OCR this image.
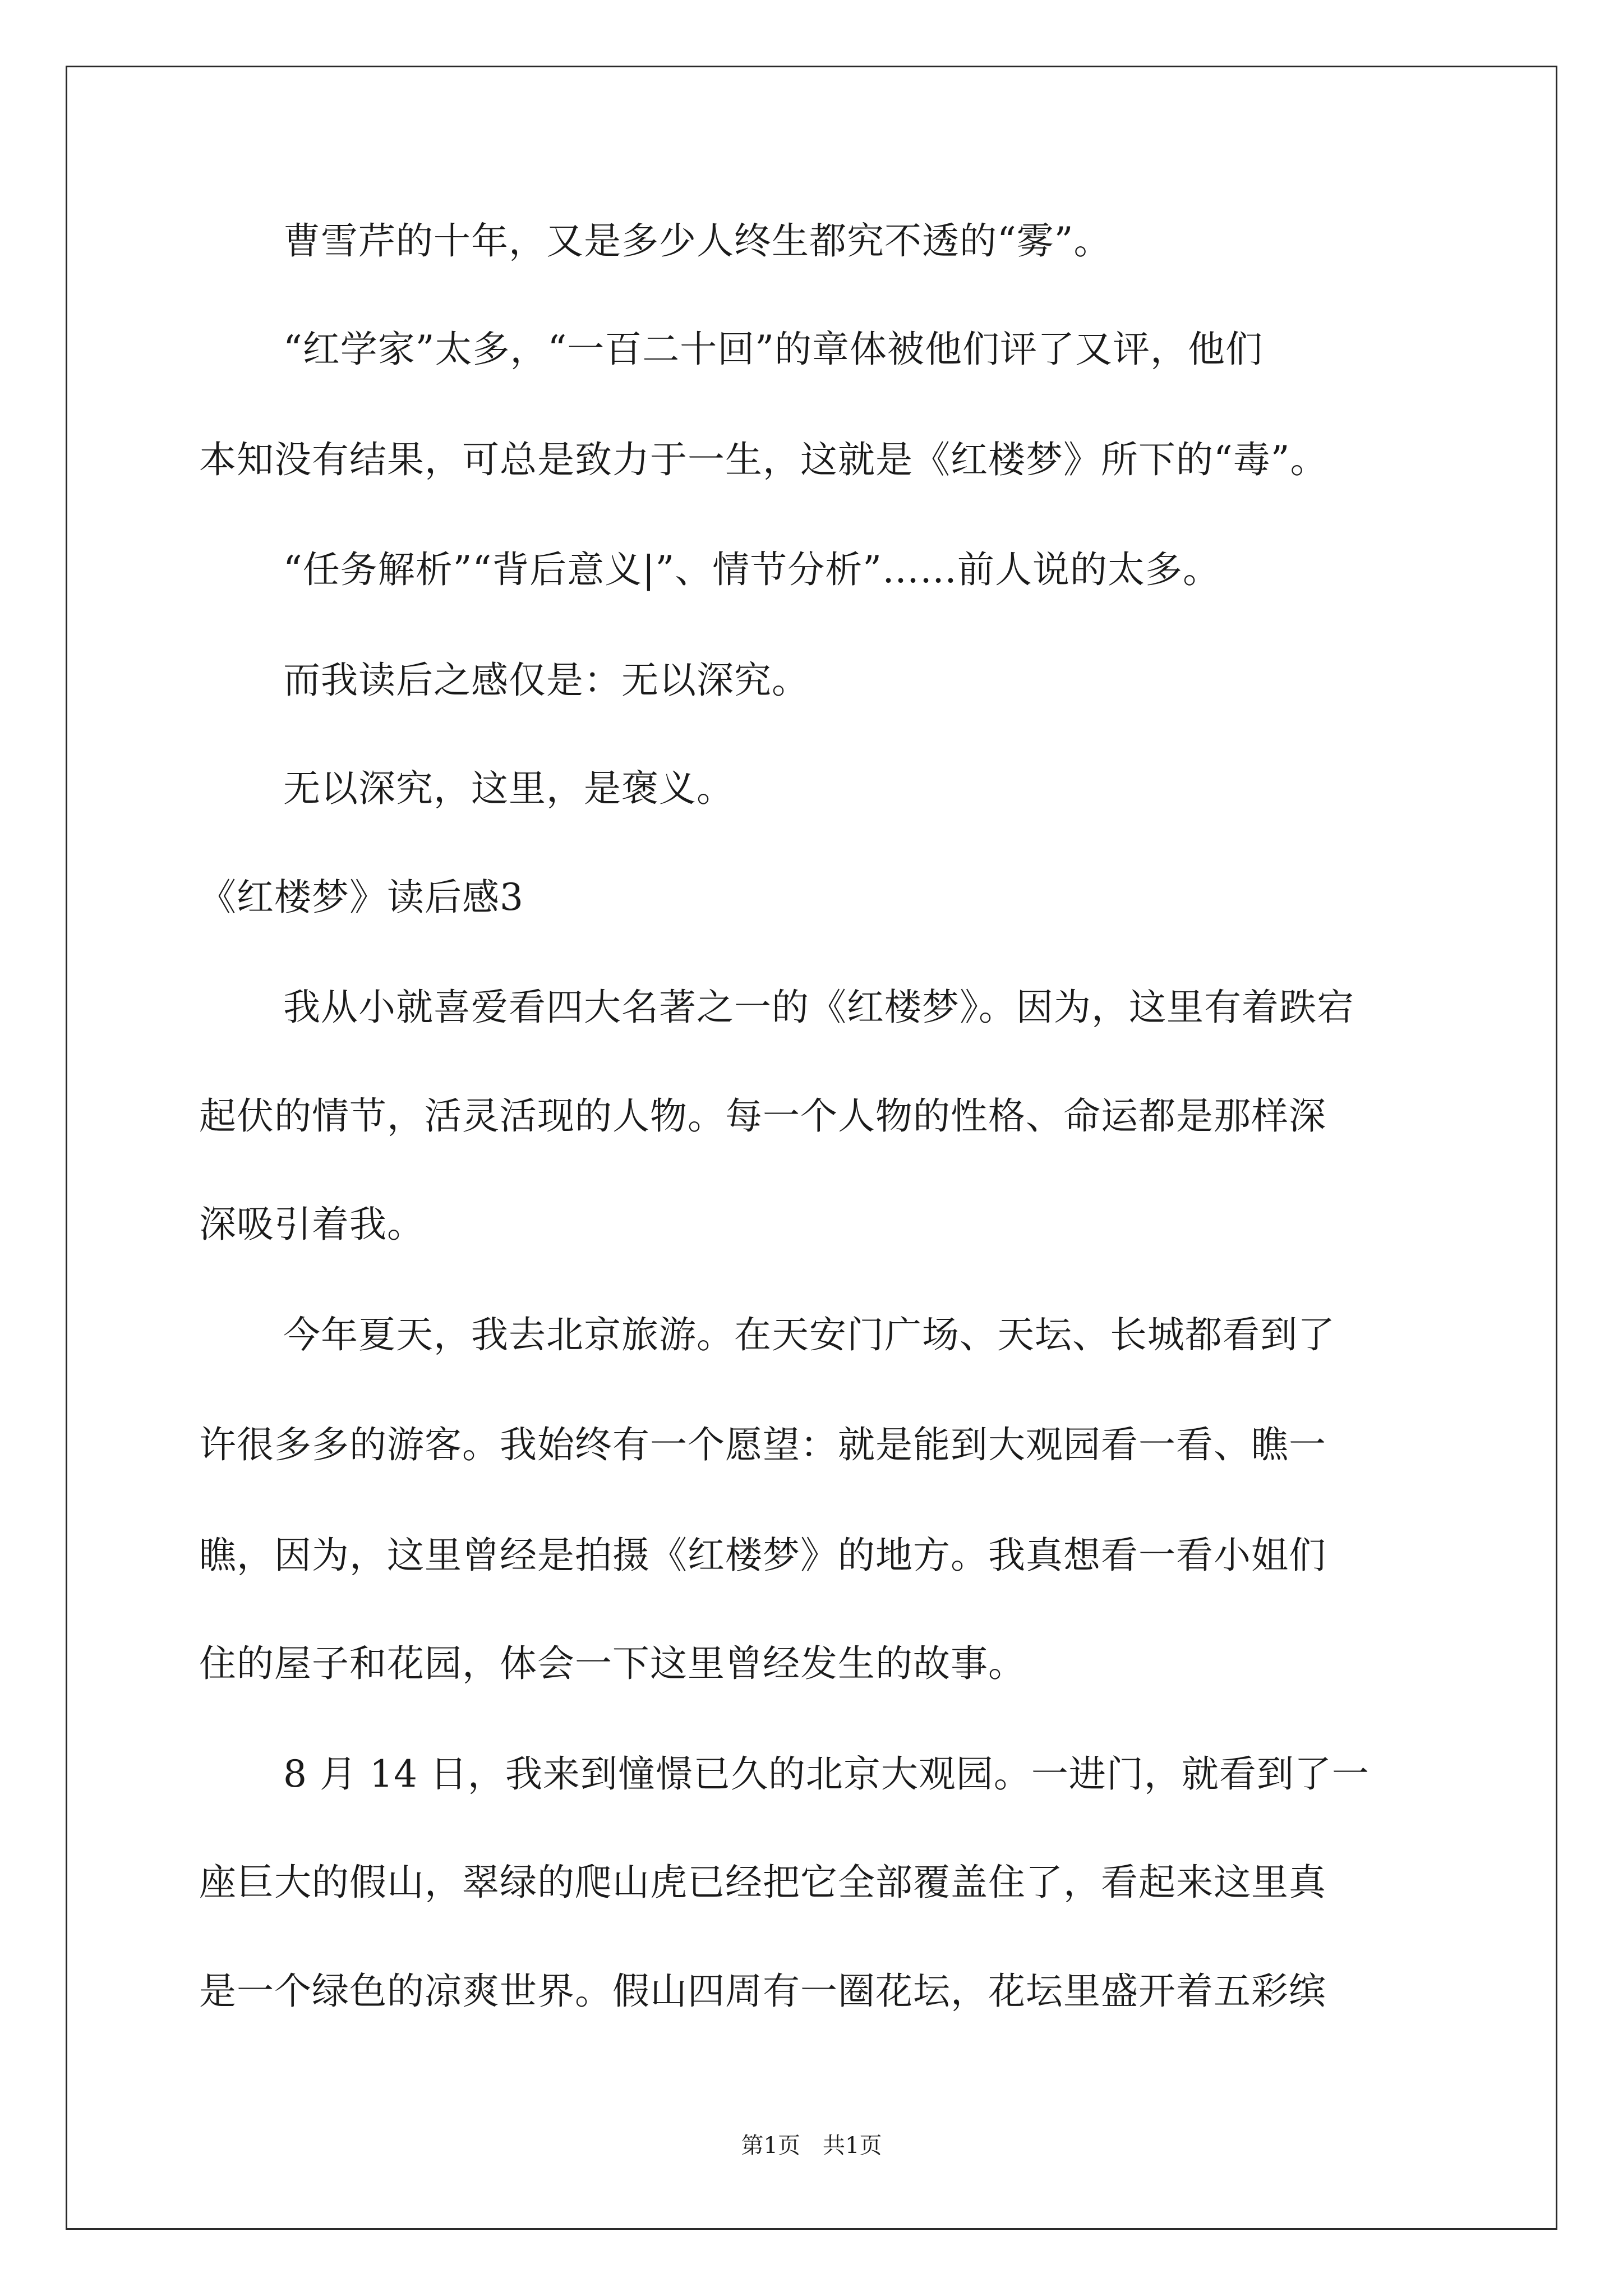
曹雪芹的十年，又是多少人终生都究不透的“雾”。
“红学家”太多，“一百二十回”的章体被他们评了又评，他们
本知没有结果，可总是致力于一生，这就是《红楼梦》所下的“毒”。
“任务解析”“背后意义|”、情节分析”……前人说的太多。
而我读后之感仅是：无以深究。
无以深究，这里，是褒义。
《红楼梦》读后感3
我从小就喜爱看四大名著之一的《红楼梦》。因为，这里有着跌宕
起伏的情节，活灵活现的人物。每一个人物的性格、命运都是那样深
深吸引着我。
今年夏天，我去北京旅游。在天安门广场、天坛、长城都看到了
许很多多的游客。我始终有一个愿望：就是能到大观园看一看、瞧一
瞧，因为，这里曾经是拍摄《红楼梦》的地方。我真想看一看小姐们
住的屋子和花园，体会一下这里曾经发生的故事。
8 月 14 日，我来到憧憬已久的北京大观园。一进门，就看到了一
座巨大的假山，翠绿的爬山虎已经把它全部覆盖住了，看起来这里真
是一个绿色的凉爽世界。假山四周有一圈花坛，花坛里盛开着五彩缤
第1页　共1页
